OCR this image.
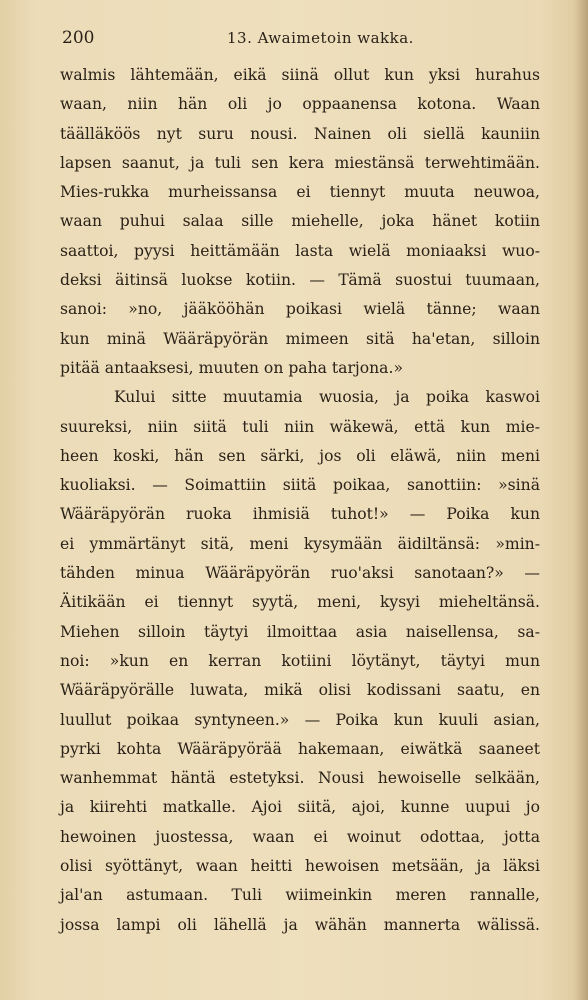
200	13. Awaimetoin wakka.
walmis lähtemään, eikä siinä ollut kun yksi hurahus
waan, niin hän oli jo oppaanensa kotona. Waan
täälläköös nyt suru nousi. Nainen oli siellä kauniin
lapsen saanut, ja tuli sen kera miestänsä terwehtimään.
Mies-rukka murheissansa ei tiennyt muuta neuwoa,
waan puhui salaa sille miehelle, joka hänet kotiin
saattoi, pyysi heittämään lasta wielä moniaaksi wuo-
deksi äitinsä luokse kotiin. — Tämä suostui tuumaan,
sanoi: »no, jääkööhän poikasi wielä tänne; waan
kun minä Wääräpyörän mimeen sitä ha'etan, silloin
pitää antaaksesi, muuten on paha tarjona.»
Kului sitte muutamia wuosia, ja poika kaswoi
suureksi, niin siitä tuli niin wäkewä, että kun mie-
heen koski, hän sen särki, jos oli eläwä, niin meni
kuoliaksi. — Soimattiin siitä poikaa, sanottiin: »sinä
Wääräpyörän ruoka ihmisiä tuhot!» — Poika kun
ei ymmärtänyt sitä, meni kysymään äidiltänsä: »min-
tähden minua Wääräpyörän ruo'aksi sanotaan?» —
Äitikään ei tiennyt syytä, meni, kysyi mieheltänsä.
Miehen silloin täytyi ilmoittaa asia naisellensa, sa-
noi: »kun en kerran kotiini löytänyt, täytyi mun
Wääräpyörälle luwata, mikä olisi kodissani saatu, en
luullut poikaa syntyneen.» — Poika kun kuuli asian,
pyrki kohta Wääräpyörää hakemaan, eiwätkä saaneet
wanhemmat häntä estetyksi. Nousi hewoiselle selkään,
ja kiirehti matkalle. Ajoi siitä, ajoi, kunne uupui jo
hewoinen juostessa, waan ei woinut odottaa, jotta
olisi syöttänyt, waan heitti hewoisen metsään, ja läksi
jal'an astumaan. Tuli wiimeinkin meren rannalle,
jossa lampi oli lähellä ja wähän mannerta wälissä.
